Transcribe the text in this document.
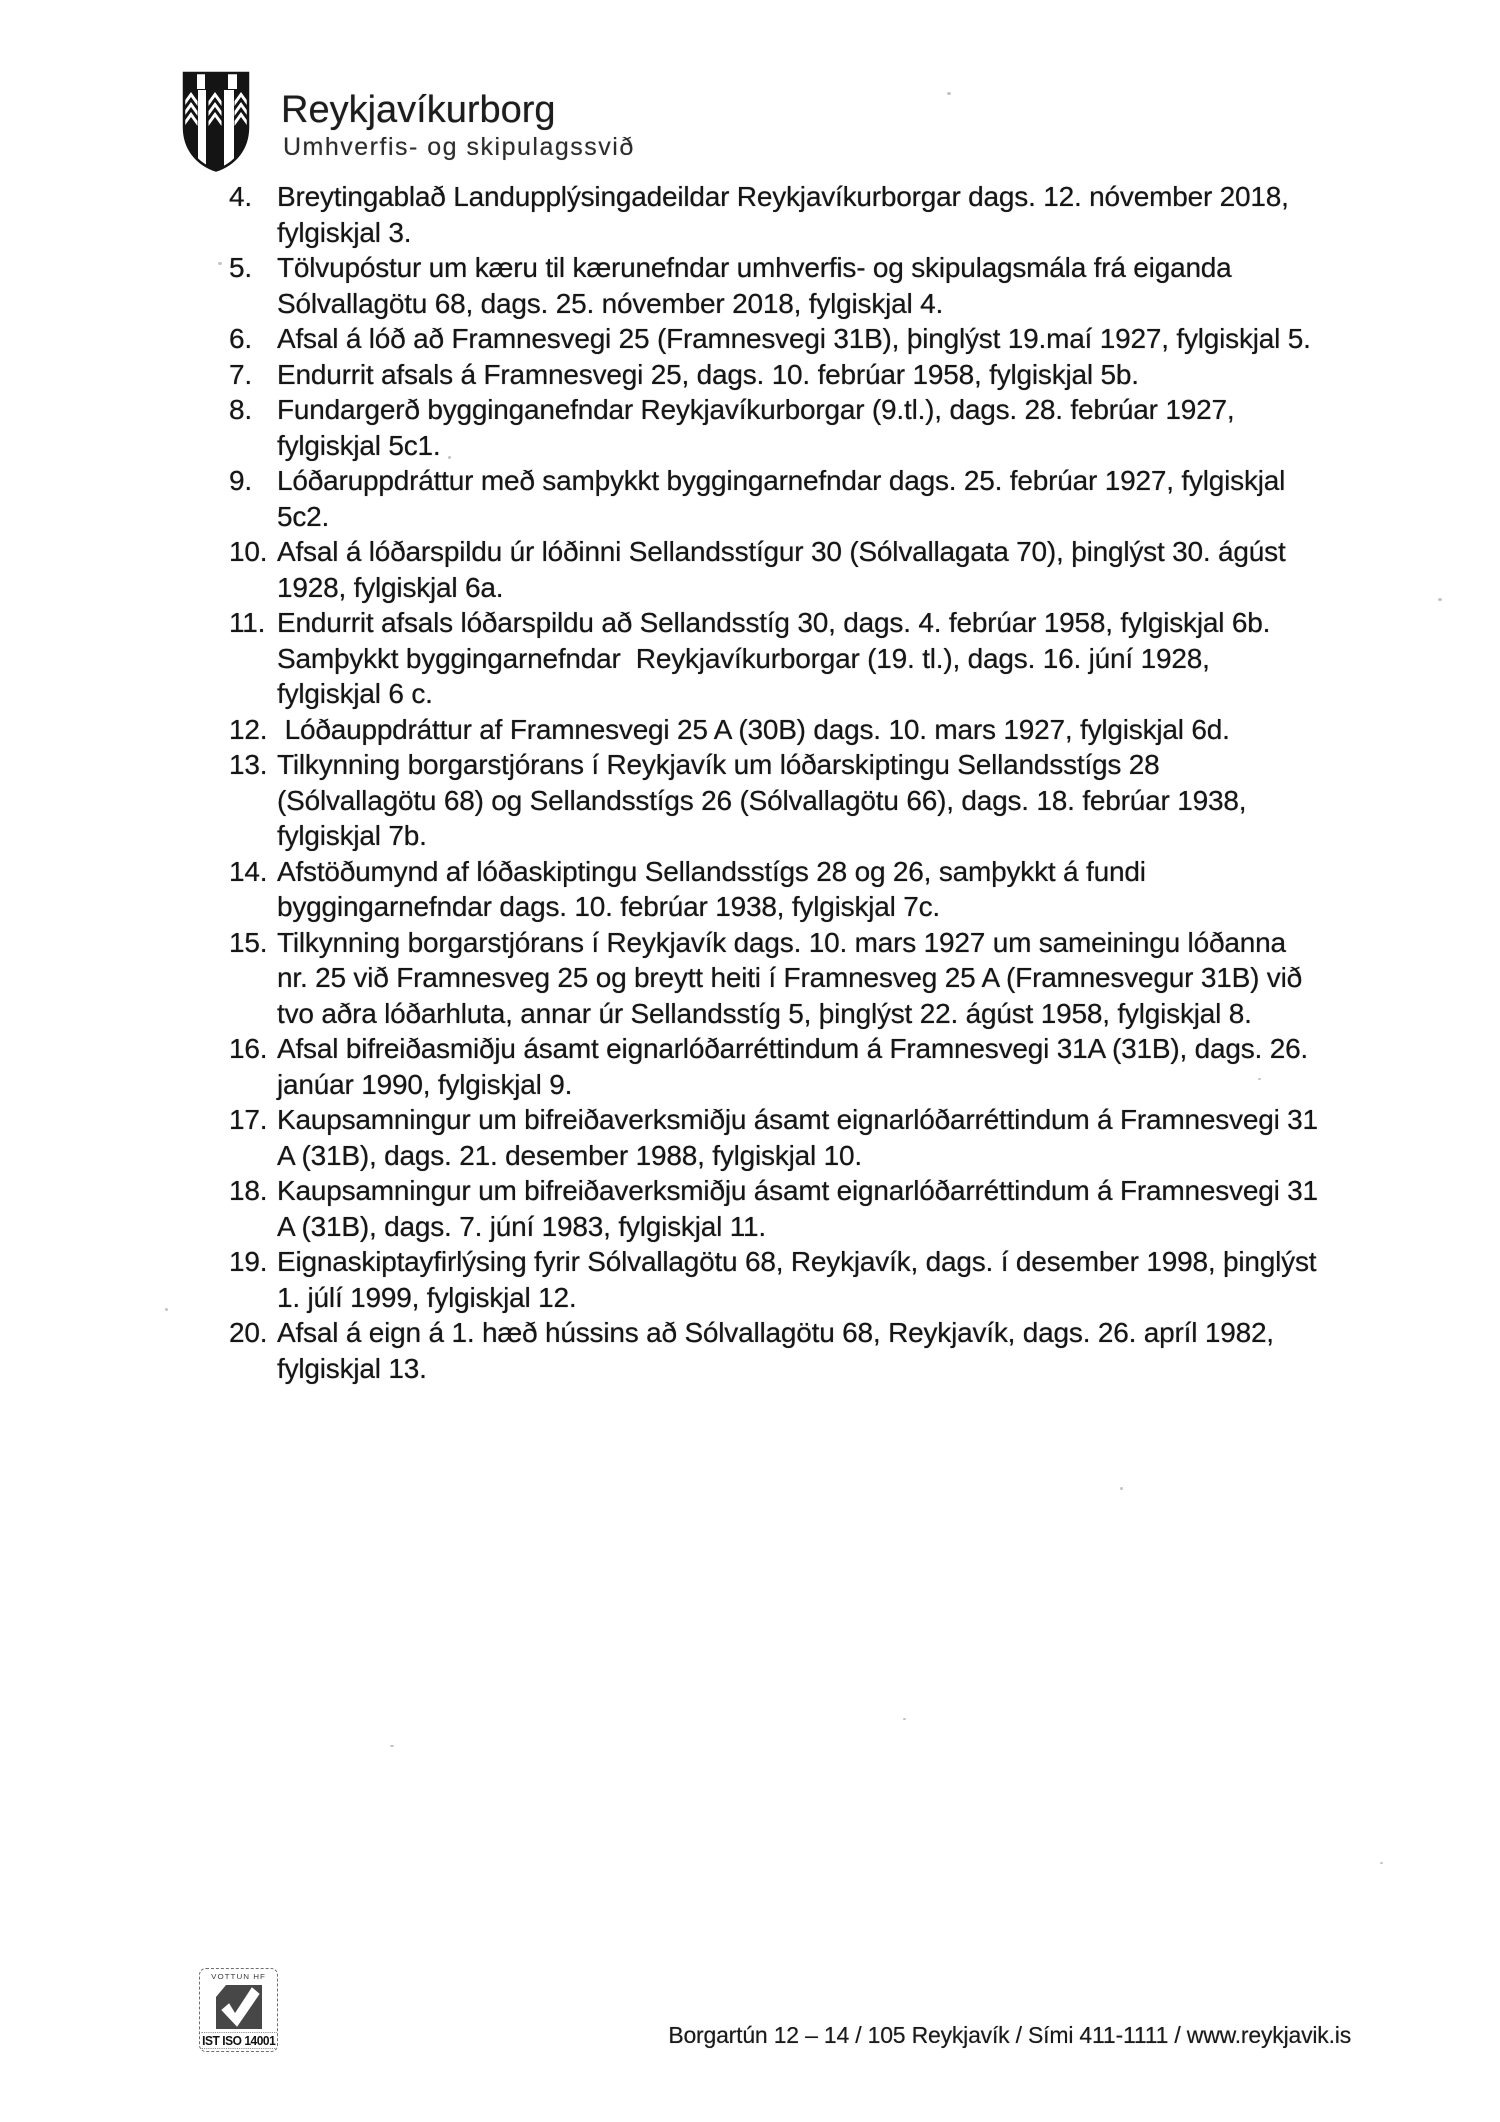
Reykjavíkurborg
Umhverfis- og skipulagssvið
4. Breytingablað Landupplýsingadeildar Reykjavíkurborgar dags. 12. nóvember 2018,
fylgiskjal 3.
5. Tölvupóstur um kæru til kærunefndar umhverfis- og skipulagsmála frá eiganda
Sólvallagötu 68, dags. 25. nóvember 2018, fylgiskjal 4.
6. Afsal á lóð að Framnesvegi 25 (Framnesvegi 31B), þinglýst 19.maí 1927, fylgiskjal 5.
7. Endurrit afsals á Framnesvegi 25, dags. 10. febrúar 1958, fylgiskjal 5b.
8. Fundargerð bygginganefndar Reykjavíkurborgar (9.tl.), dags. 28. febrúar 1927,
fylgiskjal 5c1.
9. Lóðaruppdráttur með samþykkt byggingarnefndar dags. 25. febrúar 1927, fylgiskjal
5c2.
10. Afsal á lóðarspildu úr lóðinni Sellandsstígur 30 (Sólvallagata 70), þinglýst 30. ágúst
1928, fylgiskjal 6a.
11. Endurrit afsals lóðarspildu að Sellandsstíg 30, dags. 4. febrúar 1958, fylgiskjal 6b.
Samþykkt byggingarnefndar  Reykjavíkurborgar (19. tl.), dags. 16. júní 1928,
fylgiskjal 6 c.
12. Lóðauppdráttur af Framnesvegi 25 A (30B) dags. 10. mars 1927, fylgiskjal 6d.
13. Tilkynning borgarstjórans í Reykjavík um lóðarskiptingu Sellandsstígs 28
(Sólvallagötu 68) og Sellandsstígs 26 (Sólvallagötu 66), dags. 18. febrúar 1938,
fylgiskjal 7b.
14. Afstöðumynd af lóðaskiptingu Sellandsstígs 28 og 26, samþykkt á fundi
byggingarnefndar dags. 10. febrúar 1938, fylgiskjal 7c.
15. Tilkynning borgarstjórans í Reykjavík dags. 10. mars 1927 um sameiningu lóðanna
nr. 25 við Framnesveg 25 og breytt heiti í Framnesveg 25 A (Framnesvegur 31B) við
tvo aðra lóðarhluta, annar úr Sellandsstíg 5, þinglýst 22. ágúst 1958, fylgiskjal 8.
16. Afsal bifreiðasmiðju ásamt eignarlóðarréttindum á Framnesvegi 31A (31B), dags. 26.
janúar 1990, fylgiskjal 9.
17. Kaupsamningur um bifreiðaverksmiðju ásamt eignarlóðarréttindum á Framnesvegi 31
A (31B), dags. 21. desember 1988, fylgiskjal 10.
18. Kaupsamningur um bifreiðaverksmiðju ásamt eignarlóðarréttindum á Framnesvegi 31
A (31B), dags. 7. júní 1983, fylgiskjal 11.
19. Eignaskiptayfirlýsing fyrir Sólvallagötu 68, Reykjavík, dags. í desember 1998, þinglýst
1. júlí 1999, fylgiskjal 12.
20. Afsal á eign á 1. hæð hússins að Sólvallagötu 68, Reykjavík, dags. 26. apríl 1982,
fylgiskjal 13.
VOTTUN HF
IST ISO 14001	Borgartún 12 – 14 / 105 Reykjavík / Sími 411-1111 / www.reykjavik.is
